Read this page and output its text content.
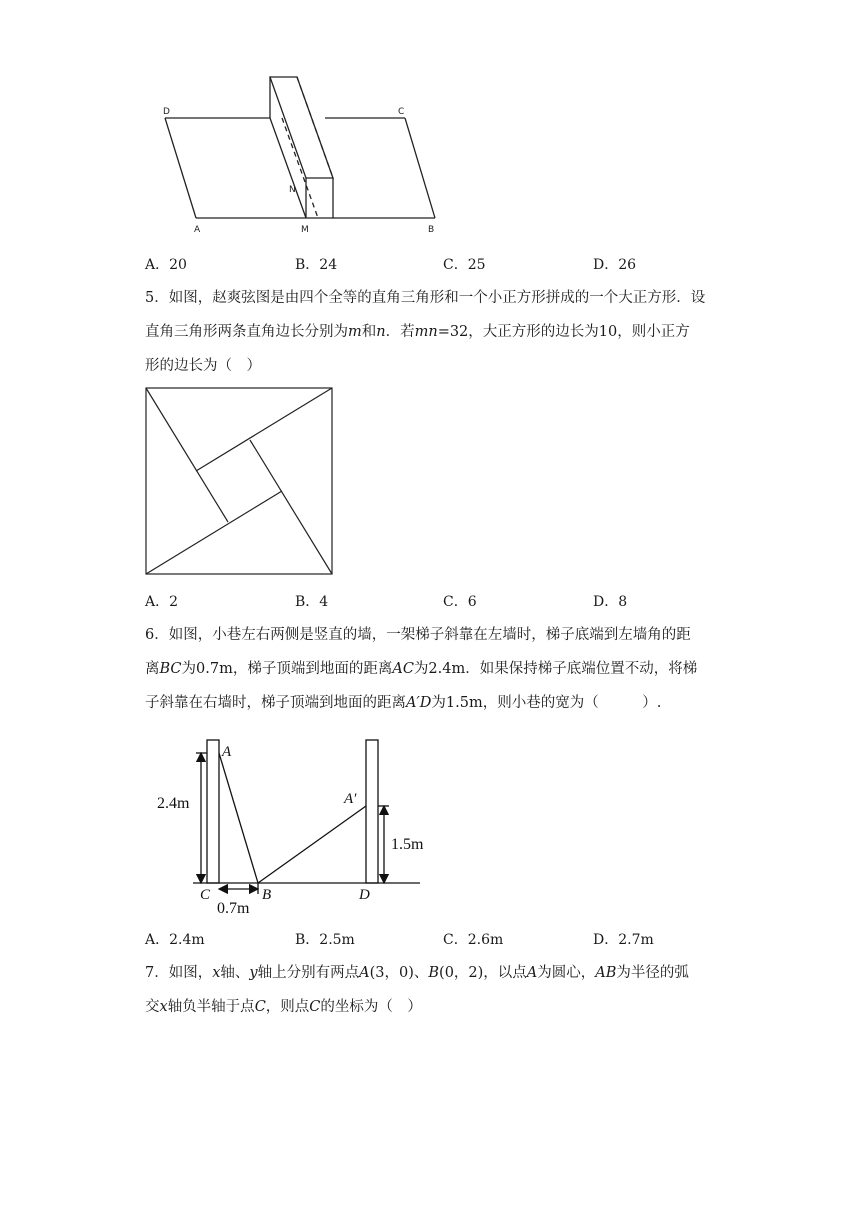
D	C
A	M	B
N
A．20	B．24	C．25	D．26

5．如图，赵爽弦图是由四个全等的直角三角形和一个小正方形拼成的一个大正方形．设

直角三角形两条直角边长分别为m和n．若mn=32，大正方形的边长为10，则小正方

形的边长为（　）

A．2	B．4	C．6	D．8

6．如图，小巷左右两侧是竖直的墙，一架梯子斜靠在左墙时，梯子底端到左墙角的距

离BC为0.7m，梯子顶端到地面的距离AC为2.4m．如果保持梯子底端位置不动，将梯

子斜靠在右墙时，梯子顶端到地面的距离A′D为1.5m，则小巷的宽为（　　　）.

A
A′
C	B	D
2.4m
1.5m
0.7m
A．2.4m	B．2.5m	C．2.6m	D．2.7m

7．如图，x轴、y轴上分别有两点A(3，0)、B(0，2)，以点A为圆心，AB为半径的弧

交x轴负半轴于点C，则点C的坐标为（　）
